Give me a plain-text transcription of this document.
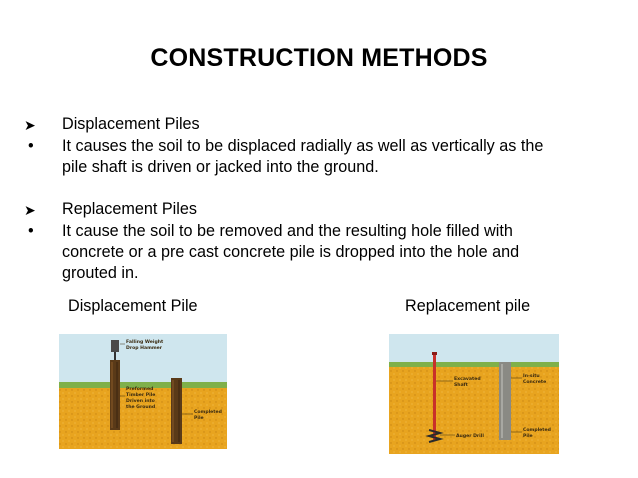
CONSTRUCTION METHODS
➤	Displacement Piles
•	It causes the soil to be displaced radially as well as vertically as the
pile shaft is driven or jacked into the ground.
➤	Replacement Piles
•	It cause the soil to be removed and the resulting hole filled with
concrete or a pre cast concrete pile is dropped into the hole and
grouted in.
Displacement Pile	Replacement pile
Falling Weight
Drop Hammer
Preformed
Timber Pile
Driven into
the Ground
Completed
Pile
Excavated
Shaft
In-situ
Concrete
Auger Drill
Completed
Pile
